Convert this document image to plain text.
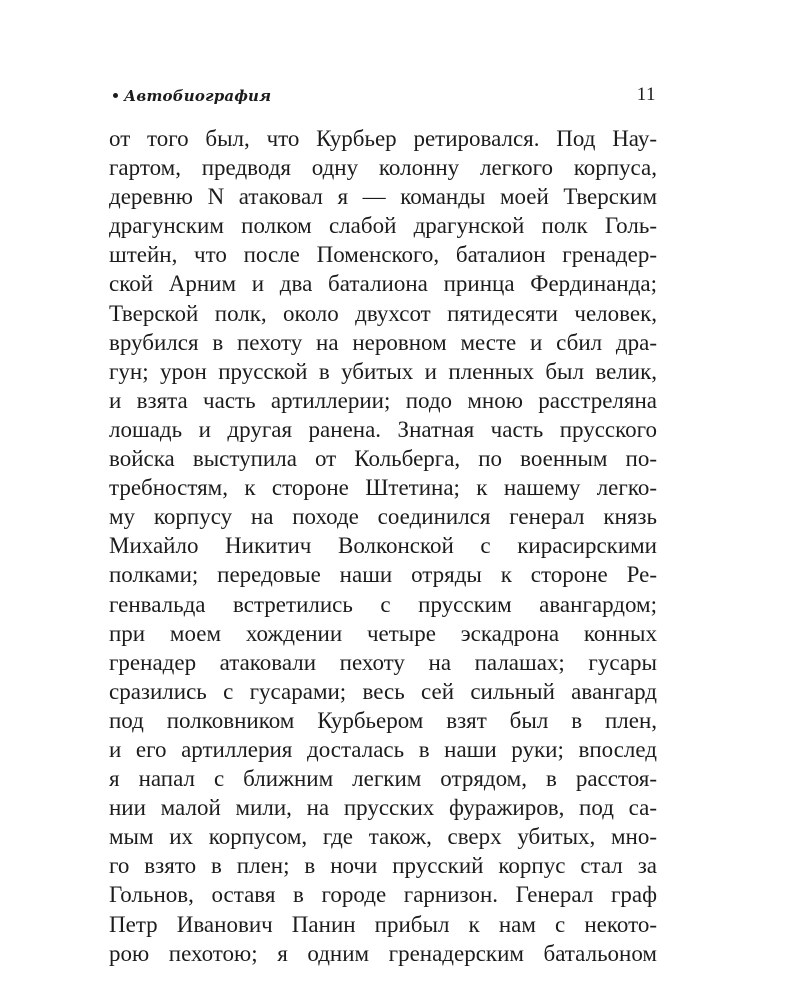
Автобиография	11
от того был, что Курбьер ретировался. Под Нау-
гартом, предводя одну колонну легкого корпуса,
деревню N атаковал я — команды моей Тверским
драгунским полком слабой драгунской полк Голь-
штейн, что после Поменского, баталион гренадер-
ской Арним и два баталиона принца Фердинанда;
Тверской полк, около двухсот пятидесяти человек,
врубился в пехоту на неровном месте и сбил дра-
гун; урон прусской в убитых и пленных был велик,
и взята часть артиллерии; подо мною расстреляна
лошадь и другая ранена. Знатная часть прусского
войска выступила от Кольберга, по военным по-
требностям, к стороне Штетина; к нашему легко-
му корпусу на походе соединился генерал князь
Михайло Никитич Волконской с кирасирскими
полками; передовые наши отряды к стороне Ре-
генвальда встретились с прусским авангардом;
при моем хождении четыре эскадрона конных
гренадер атаковали пехоту на палашах; гусары
сразились с гусарами; весь сей сильный авангард
под полковником Курбьером взят был в плен,
и его артиллерия досталась в наши руки; впослед
я напал с ближним легким отрядом, в расстоя-
нии малой мили, на прусских фуражиров, под са-
мым их корпусом, где також, сверх убитых, мно-
го взято в плен; в ночи прусский корпус стал за
Гольнов, оставя в городе гарнизон. Генерал граф
Петр Иванович Панин прибыл к нам с некото-
рою пехотою; я одним гренадерским батальоном
